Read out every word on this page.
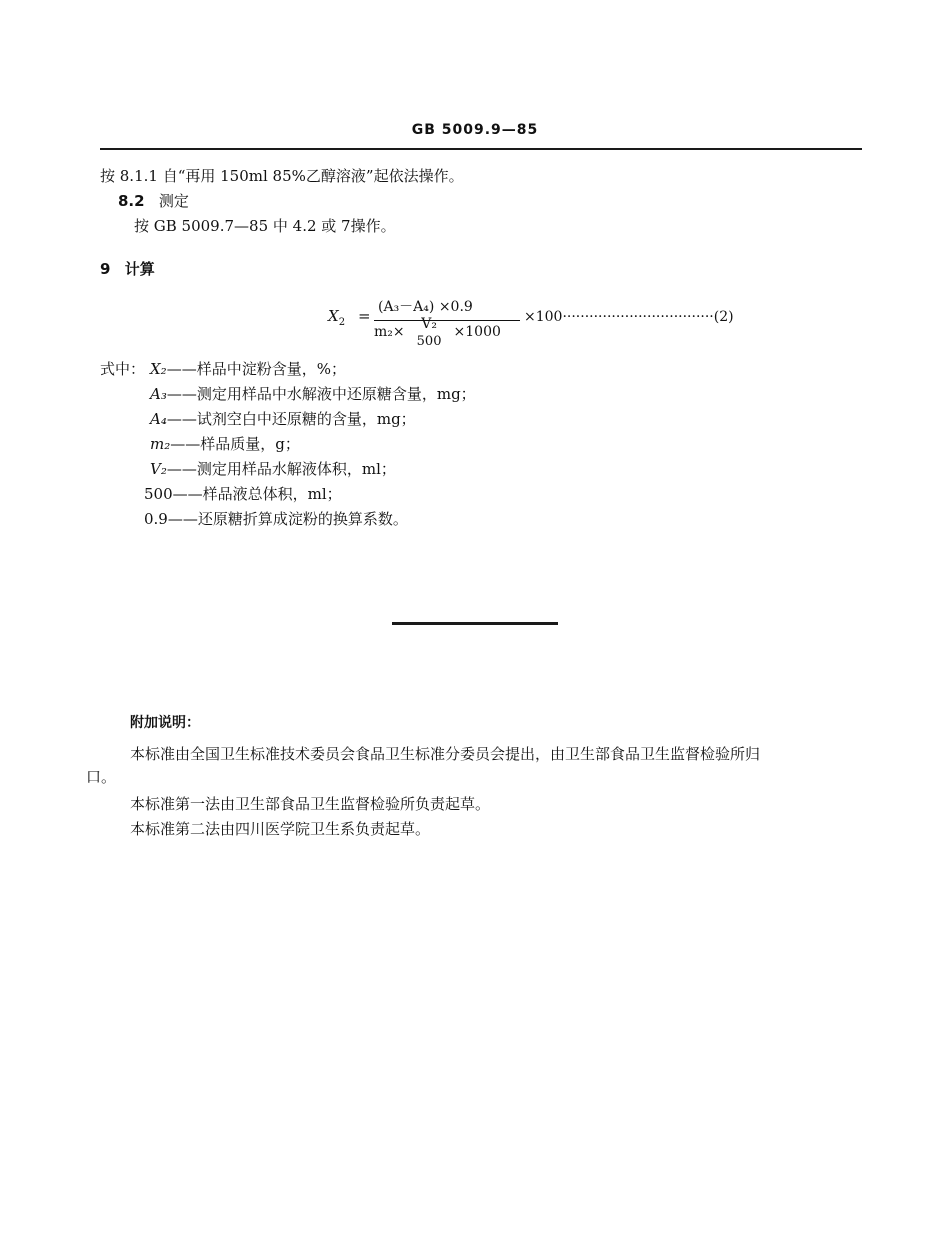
GB 5009.9—85
按 8.1.1 自“再用 150ml 85%乙醇溶液”起依法操作。
8.2 测定
按 GB 5009.7—85 中 4.2 或 7操作。
9 计算
$X_2 = (A_3-A_4) \times 0.9$
m₂×	V₂
500
×1000
×100··································(2)
式中： X₂——样品中淀粉含量，%；
A₃——测定用样品中水解液中还原糖含量，mg；
A₄——试剂空白中还原糖的含量，mg；
m₂——样品质量，g；
V₂——测定用样品水解液体积，ml；
500——样品液总体积，ml；
0.9——还原糖折算成淀粉的换算系数。
附加说明：
本标准由全国卫生标准技术委员会食品卫生标准分委员会提出，由卫生部食品卫生监督检验所归
口。
本标准第一法由卫生部食品卫生监督检验所负责起草。
本标准第二法由四川医学院卫生系负责起草。
